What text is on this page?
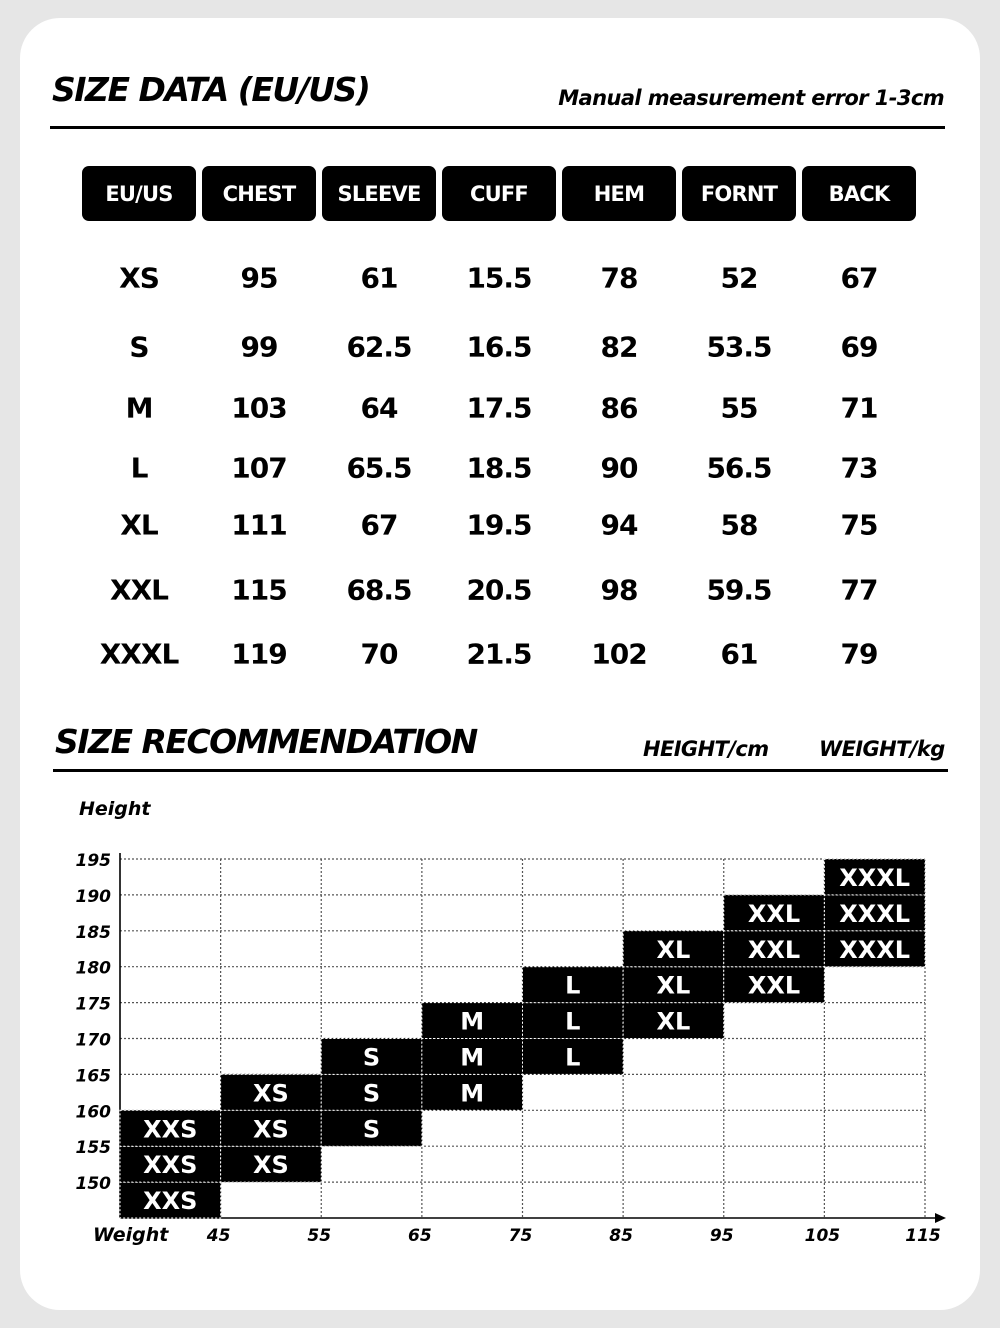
SIZE DATA (EU/US)	Manual measurement error 1-3cm
EU/US	CHEST	SLEEVE	CUFF	HEM	FORNT	BACK
XS	95	61	15.5	78	52	67
S	99	62.5	16.5	82	53.5	69
M	103	64	17.5	86	55	71
L	107	65.5	18.5	90	56.5	73
XL	111	67	19.5	94	58	75
XXL	115	68.5	20.5	98	59.5	77
XXXL	119	70	21.5	102	61	79
SIZE RECOMMENDATION	HEIGHT/cm WEIGHT/kg
Height
Weight
XXS
XXS
XXS
XS
XS
XS
S
S
S
M
M
M
L
L
L
XL
XL
XL
XXL
XXL
XXL
XXXL
XXXL
XXXL
150
155
160
165
170
175
180
185
190
195
45	55	65	75	85	95	105	115
